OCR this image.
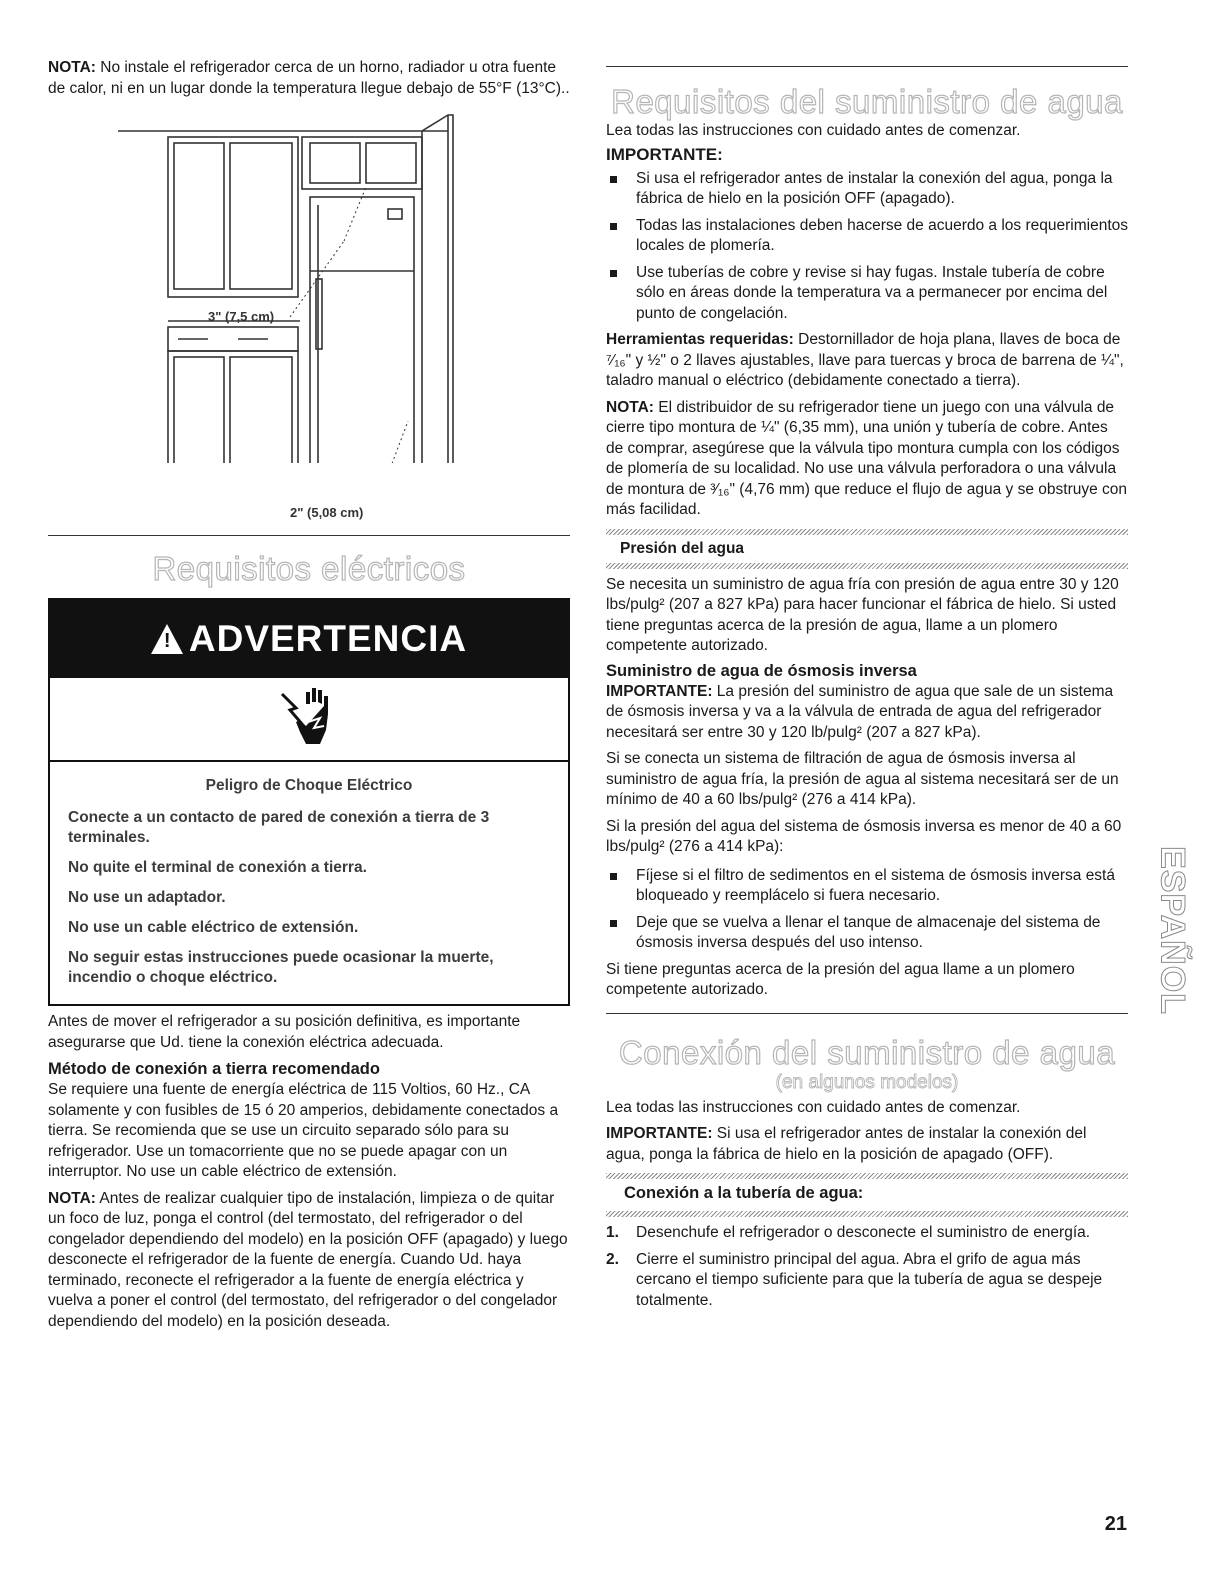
NOTA: No instale el refrigerador cerca de un horno, radiador u otra fuente de calor, ni en un lugar donde la temperatura llegue debajo de 55°F (13°C)..

3" (7,5 cm)
2" (5,08 cm)
Requisitos eléctricos
! ADVERTENCIA

Peligro de Choque Eléctrico

Conecte a un contacto de pared de conexión a tierra de 3 terminales.

No quite el terminal de conexión a tierra.

No use un adaptador.

No use un cable eléctrico de extensión.

No seguir estas instrucciones puede ocasionar la muerte, incendio o choque eléctrico.

Antes de mover el refrigerador a su posición definitiva, es importante asegurarse que Ud. tiene la conexión eléctrica adecuada.

Método de conexión a tierra recomendado

Se requiere una fuente de energía eléctrica de 115 Voltios, 60 Hz., CA solamente y con fusibles de 15 ó 20 amperios, debidamente conectados a tierra. Se recomienda que se use un circuito separado sólo para su refrigerador. Use un tomacorriente que no se puede apagar con un interruptor. No use un cable eléctrico de extensión.

NOTA: Antes de realizar cualquier tipo de instalación, limpieza o de quitar un foco de luz, ponga el control (del termostato, del refrigerador o del congelador dependiendo del modelo) en la posición OFF (apagado) y luego desconecte el refrigerador de la fuente de energía. Cuando Ud. haya terminado, reconecte el refrigerador a la fuente de energía eléctrica y vuelva a poner el control (del termostato, del refrigerador o del congelador dependiendo del modelo) en la posición deseada.

Requisitos del suministro de agua

Lea todas las instrucciones con cuidado antes de comenzar.

IMPORTANTE:
Si usa el refrigerador antes de instalar la conexión del agua, ponga la fábrica de hielo en la posición OFF (apagado).
Todas las instalaciones deben hacerse de acuerdo a los requerimientos locales de plomería.
Use tuberías de cobre y revise si hay fugas. Instale tubería de cobre sólo en áreas donde la temperatura va a permanecer por encima del punto de congelación.

Herramientas requeridas: Destornillador de hoja plana, llaves de boca de ⁷⁄₁₆" y ½" o 2 llaves ajustables, llave para tuercas y broca de barrena de ¼", taladro manual o eléctrico (debidamente conectado a tierra).

NOTA: El distribuidor de su refrigerador tiene un juego con una válvula de cierre tipo montura de ¼" (6,35 mm), una unión y tubería de cobre. Antes de comprar, asegúrese que la válvula tipo montura cumpla con los códigos de plomería de su localidad. No use una válvula perforadora o una válvula de montura de ³⁄₁₆" (4,76 mm) que reduce el flujo de agua y se obstruye con más facilidad.

Presión del agua

Se necesita un suministro de agua fría con presión de agua entre 30 y 120 lbs/pulg² (207 a 827 kPa) para hacer funcionar el fábrica de hielo. Si usted tiene preguntas acerca de la presión de agua, llame a un plomero competente autorizado.

Suministro de agua de ósmosis inversa

IMPORTANTE: La presión del suministro de agua que sale de un sistema de ósmosis inversa y va a la válvula de entrada de agua del refrigerador necesitará ser entre 30 y 120 lb/pulg² (207 a 827 kPa).

Si se conecta un sistema de filtración de agua de ósmosis inversa al suministro de agua fría, la presión de agua al sistema necesitará ser de un mínimo de 40 a 60 lbs/pulg² (276 a 414 kPa).

Si la presión del agua del sistema de ósmosis inversa es menor de 40 a 60 lbs/pulg² (276 a 414 kPa):

Fíjese si el filtro de sedimentos en el sistema de ósmosis inversa está bloqueado y reemplácelo si fuera necesario.
Deje que se vuelva a llenar el tanque de almacenaje del sistema de ósmosis inversa después del uso intenso.

Si tiene preguntas acerca de la presión del agua llame a un plomero competente autorizado.

Conexión del suministro de agua
(en algunos modelos)

Lea todas las instrucciones con cuidado antes de comenzar.

IMPORTANTE: Si usa el refrigerador antes de instalar la conexión del agua, ponga la fábrica de hielo en la posición de apagado (OFF).

Conexión a la tubería de agua:
1. Desenchufe el refrigerador o desconecte el suministro de energía.
2. Cierre el suministro principal del agua. Abra el grifo de agua más cercano el tiempo suficiente para que la tubería de agua se despeje totalmente.
ESPAÑOL
21
